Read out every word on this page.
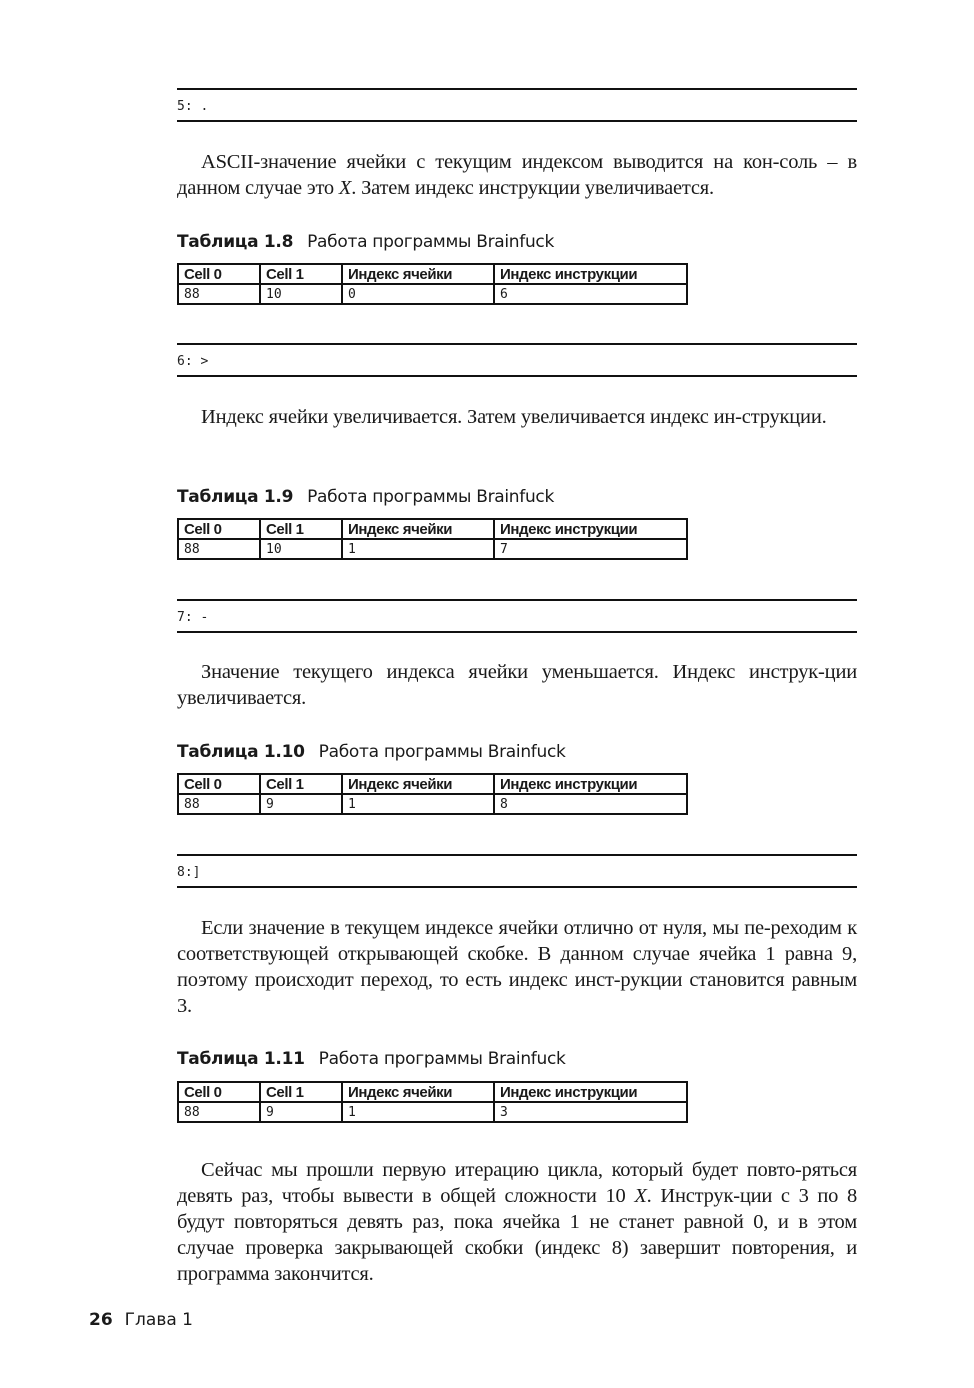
5: .

ASCII-значение ячейки с текущим индексом выводится на кон-соль – в данном случае это X. Затем индекс инструкции увеличивается.

Таблица 1.8 Работа программы Brainfuck
Cell 0	Cell 1	Индекс ячейки	Индекс инструкции
88	10	0	6
6: >

Индекс ячейки увеличивается. Затем увеличивается индекс ин-струкции.

Таблица 1.9 Работа программы Brainfuck
Cell 0	Cell 1	Индекс ячейки	Индекс инструкции
88	10	1	7
7: -

Значение текущего индекса ячейки уменьшается. Индекс инструк-ции увеличивается.

Таблица 1.10 Работа программы Brainfuck
Cell 0	Cell 1	Индекс ячейки	Индекс инструкции
88	9	1	8
8:]

Если значение в текущем индексе ячейки отлично от нуля, мы пе-реходим к соответствующей открывающей скобке. В данном случае ячейка 1 равна 9, поэтому происходит переход, то есть индекс инст-рукции становится равным 3.

Таблица 1.11 Работа программы Brainfuck
Cell 0	Cell 1	Индекс ячейки	Индекс инструкции
88	9	1	3

Сейчас мы прошли первую итерацию цикла, который будет повто-ряться девять раз, чтобы вывести в общей сложности 10 X. Инструк-ции с 3 по 8 будут повторяться девять раз, пока ячейка 1 не станет равной 0, и в этом случае проверка закрывающей скобки (индекс 8) завершит повторения, и программа закончится.

26 Глава 1
